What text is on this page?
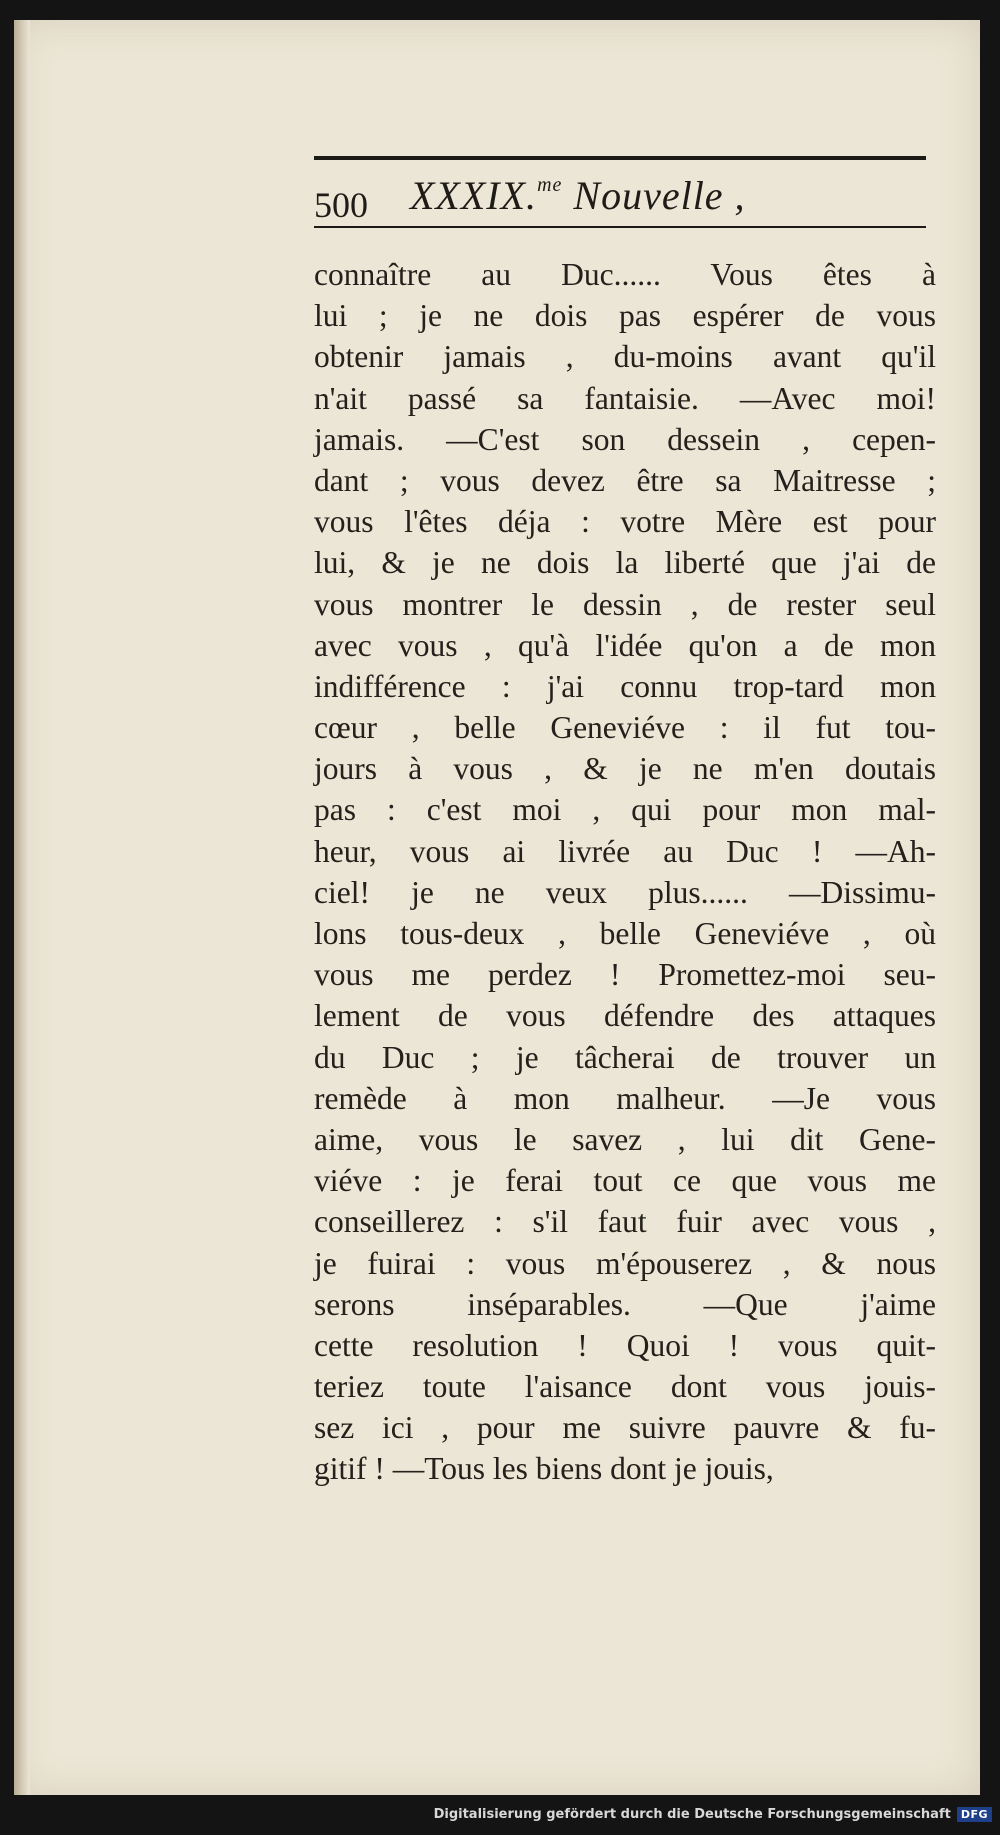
500 XXXIX.$^{me}$ Nouvelle ,
connaître au Duc...... Vous êtes à
lui ; je ne dois pas espérer de vous
obtenir jamais , du-moins avant qu'il
n'ait passé sa fantaisie. —Avec moi!
jamais. —C'est son dessein , cepen-
dant ; vous devez être sa Maitresse ;
vous l'êtes déja : votre Mère est pour
lui, & je ne dois la liberté que j'ai de
vous montrer le dessin , de rester seul
avec vous , qu'à l'idée qu'on a de mon
indifférence : j'ai connu trop-tard mon
cœur , belle Geneviéve : il fut tou-
jours à vous , & je ne m'en doutais
pas : c'est moi , qui pour mon mal-
heur, vous ai livrée au Duc ! —Ah-
ciel! je ne veux plus...... —Dissimu-
lons tous-deux , belle Geneviéve , où
vous me perdez ! Promettez-moi seu-
lement de vous défendre des attaques
du Duc ; je tâcherai de trouver un
remède à mon malheur. —Je vous
aime, vous le savez , lui dit Gene-
viéve : je ferai tout ce que vous me
conseillerez : s'il faut fuir avec vous ,
je fuirai : vous m'épouserez , & nous
serons inséparables. —Que j'aime
cette resolution ! Quoi ! vous quit-
teriez toute l'aisance dont vous jouis-
sez ici , pour me suivre pauvre & fu-
gitif ! —Tous les biens dont je jouis,
Digitalisierung gefördert durch die Deutsche Forschungsgemeinschaft DFG
